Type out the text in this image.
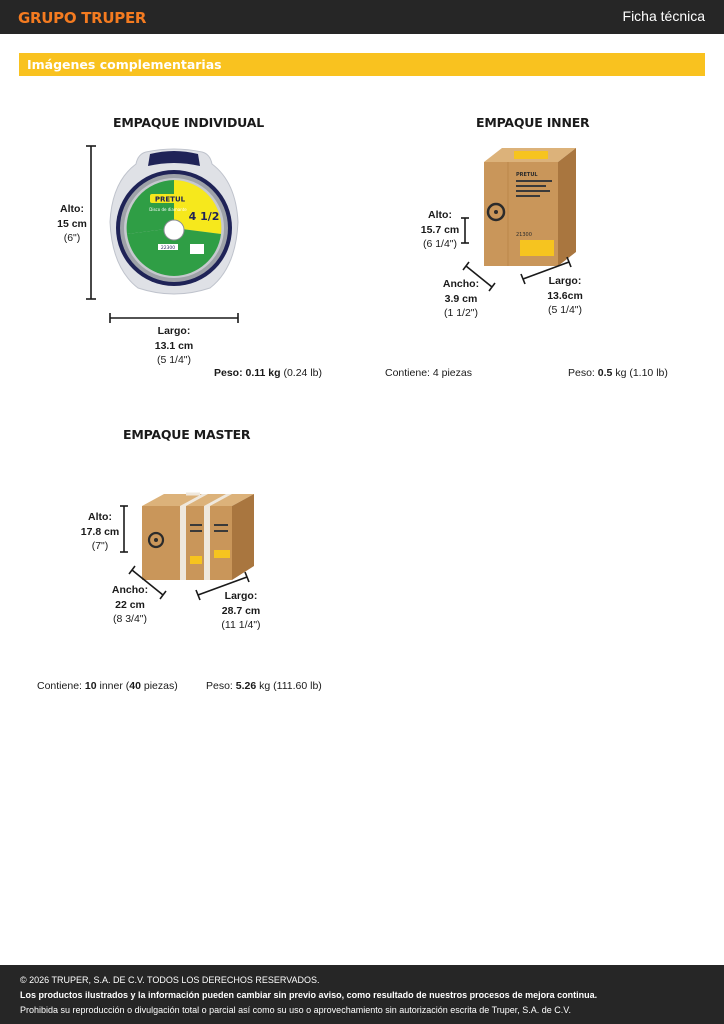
GRUPO TRUPER	Ficha técnica
Imágenes complementarias
EMPAQUE INDIVIDUAL
PRETUL
Disco de diamante
4 1/2
22300
Alto:
15 cm
(6")
Largo:
13.1 cm
(5 1/4")
Peso: 0.11 kg (0.24 lb)
EMPAQUE INNER
PRETUL
21300
Alto:
15.7 cm
(6 1/4")
Ancho:
3.9 cm
(1 1/2")
Largo:
13.6cm
(5 1/4")
Contiene: 4 piezas	Peso: 0.5 kg (1.10 lb)
EMPAQUE MASTER
Alto:
17.8 cm
(7")
Ancho:
22 cm
(8 3/4")
Largo:
28.7 cm
(11 1/4")
Contiene: 10 inner (40 piezas)	Peso: 5.26 kg (111.60 lb)
© 2026 TRUPER, S.A. DE C.V. TODOS LOS DERECHOS RESERVADOS.
Los productos ilustrados y la información pueden cambiar sin previo aviso, como resultado de nuestros procesos de mejora continua.
Prohibida su reproducción o divulgación total o parcial así como su uso o aprovechamiento sin autorización escrita de Truper, S.A. de C.V.
